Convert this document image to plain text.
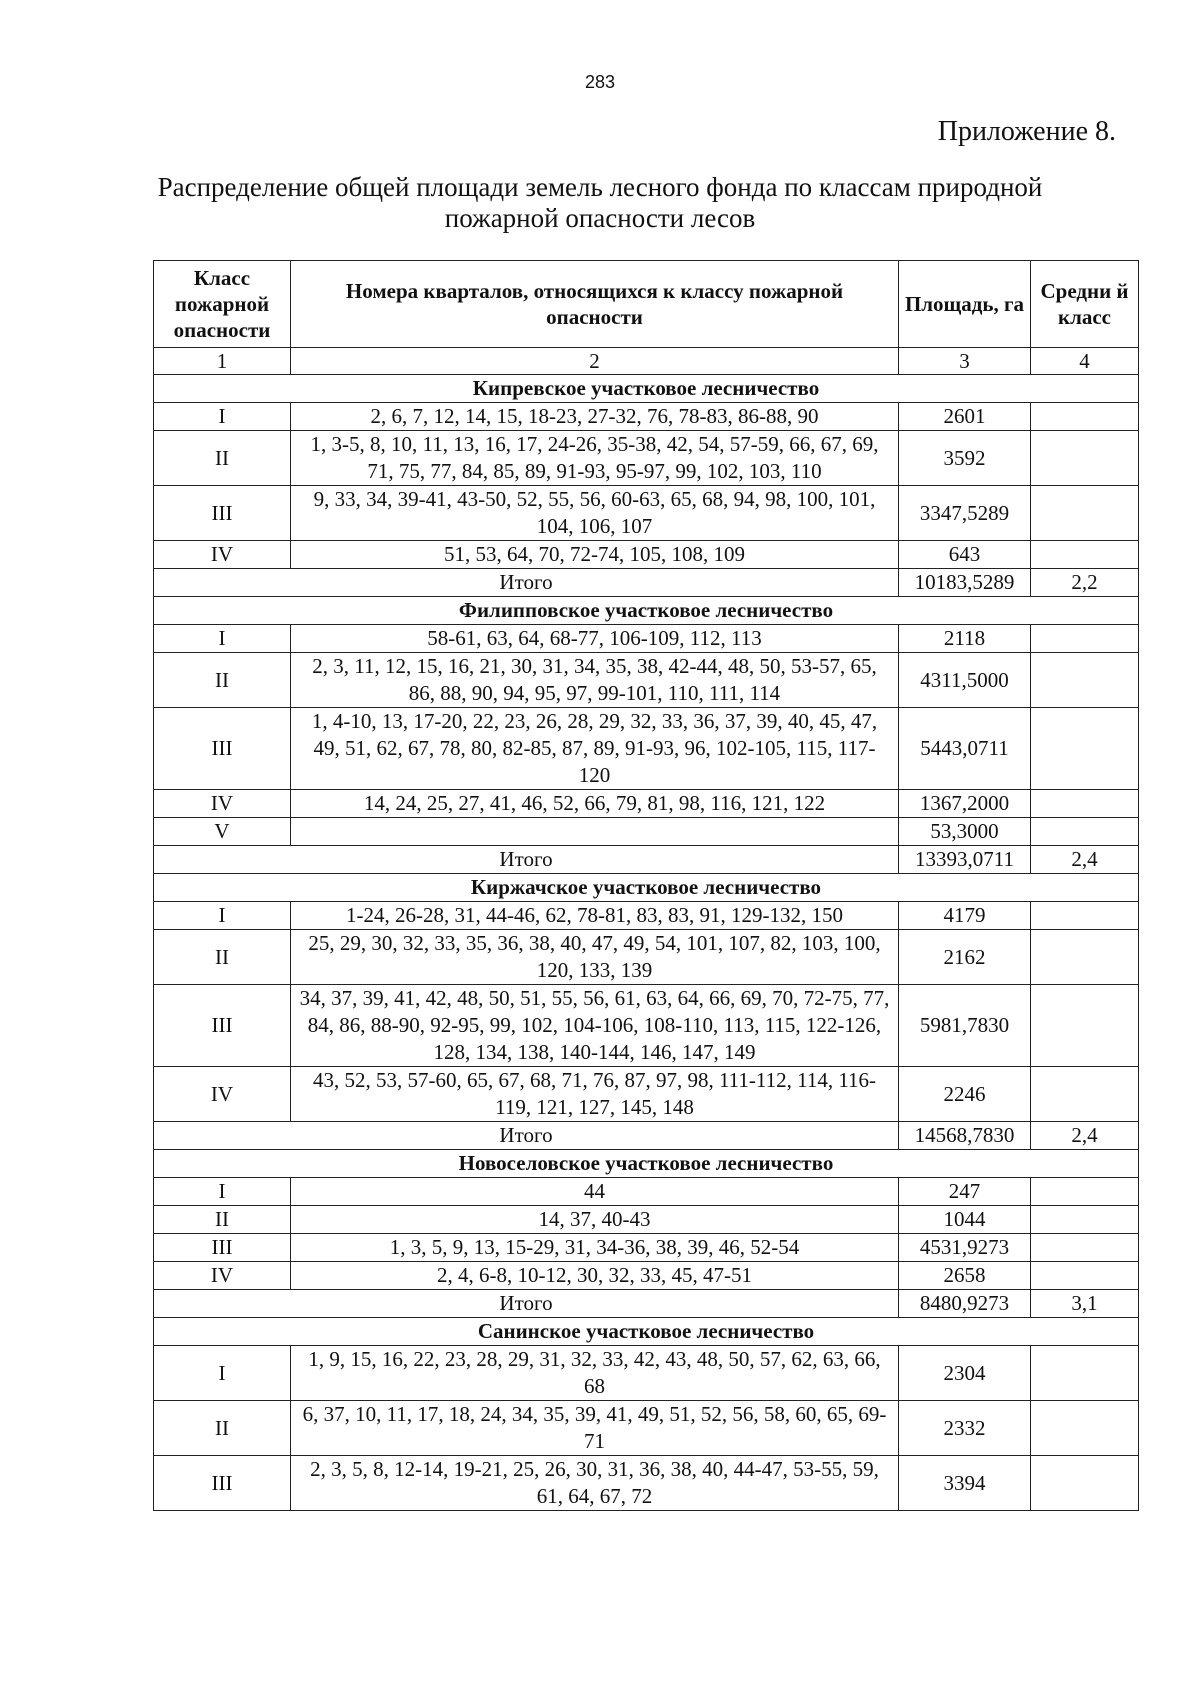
283
Приложение 8.
Распределение общей площади земель лесного фонда по классам природной пожарной опасности лесов
Класс пожарной опасности	Номера кварталов, относящихся к классу пожарной опасности	Площадь, га	Средни й класс
1	2	3	4
Кипревское участковое лесничество			
I	2, 6, 7, 12, 14, 15, 18-23, 27-32, 76, 78-83, 86-88, 90	2601	
II	1, 3-5, 8, 10, 11, 13, 16, 17, 24-26, 35-38, 42, 54, 57-59, 66, 67, 69, 71, 75, 77, 84, 85, 89, 91-93, 95-97, 99, 102, 103, 110	3592	
III	9, 33, 34, 39-41, 43-50, 52, 55, 56, 60-63, 65, 68, 94, 98, 100, 101, 104, 106, 107	3347,5289	
IV	51, 53, 64, 70, 72-74, 105, 108, 109	643	
Итого		10183,5289	2,2
Филипповское участковое лесничество			
I	58-61, 63, 64, 68-77, 106-109, 112, 113	2118	
II	2, 3, 11, 12, 15, 16, 21, 30, 31, 34, 35, 38, 42-44, 48, 50, 53-57, 65, 86, 88, 90, 94, 95, 97, 99-101, 110, 111, 114	4311,5000	
III	1, 4-10, 13, 17-20, 22, 23, 26, 28, 29, 32, 33, 36, 37, 39, 40, 45, 47, 49, 51, 62, 67, 78, 80, 82-85, 87, 89, 91-93, 96, 102-105, 115, 117-120	5443,0711	
IV	14, 24, 25, 27, 41, 46, 52, 66, 79, 81, 98, 116, 121, 122	1367,2000	
V		53,3000	
Итого		13393,0711	2,4
Киржачское участковое лесничество			
I	1-24, 26-28, 31, 44-46, 62, 78-81, 83, 83, 91, 129-132, 150	4179	
II	25, 29, 30, 32, 33, 35, 36, 38, 40, 47, 49, 54, 101, 107, 82, 103, 100, 120, 133, 139	2162	
III	34, 37, 39, 41, 42, 48, 50, 51, 55, 56, 61, 63, 64, 66, 69, 70, 72-75, 77, 84, 86, 88-90, 92-95, 99, 102, 104-106, 108-110, 113, 115, 122-126, 128, 134, 138, 140-144, 146, 147, 149	5981,7830	
IV	43, 52, 53, 57-60, 65, 67, 68, 71, 76, 87, 97, 98, 111-112, 114, 116-119, 121, 127, 145, 148	2246	
Итого		14568,7830	2,4
Новоселовское участковое лесничество			
I	44	247	
II	14, 37, 40-43	1044	
III	1, 3, 5, 9, 13, 15-29, 31, 34-36, 38, 39, 46, 52-54	4531,9273	
IV	2, 4, 6-8, 10-12, 30, 32, 33, 45, 47-51	2658	
Итого		8480,9273	3,1
Санинское участковое лесничество			
I	1, 9, 15, 16, 22, 23, 28, 29, 31, 32, 33, 42, 43, 48, 50, 57, 62, 63, 66, 68	2304	
II	6, 37, 10, 11, 17, 18, 24, 34, 35, 39, 41, 49, 51, 52, 56, 58, 60, 65, 69-71	2332	
III	2, 3, 5, 8, 12-14, 19-21, 25, 26, 30, 31, 36, 38, 40, 44-47, 53-55, 59, 61, 64, 67, 72	3394	
